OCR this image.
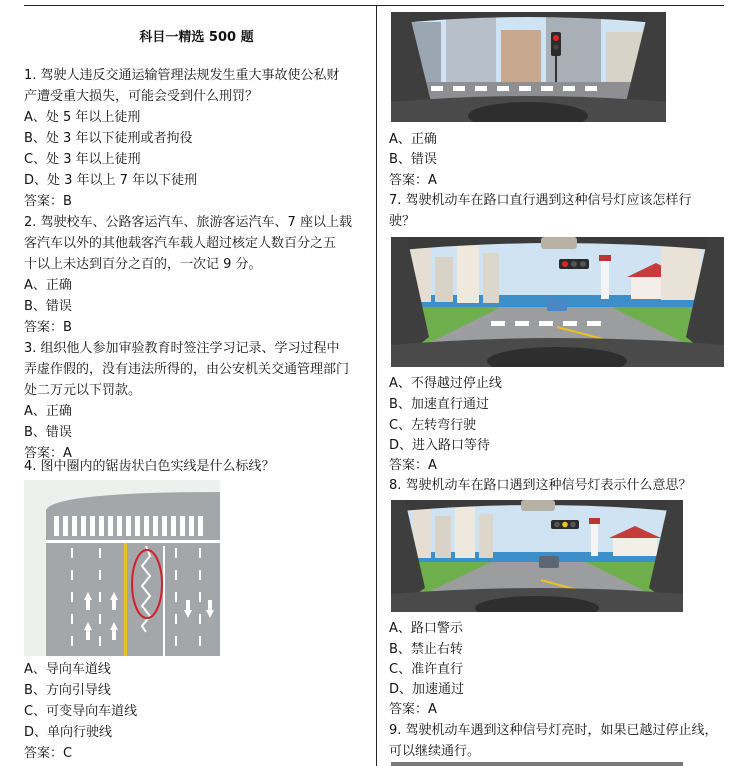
科目一精选 500 题
1. 驾驶人违反交通运输管理法规发生重大事故使公私财
产遭受重大损失，可能会受到什么刑罚？
A、处 5 年以上徒刑
B、处 3 年以下徒刑或者拘役
C、处 3 年以上徒刑
D、处 3 年以上 7 年以下徒刑
答案：B
2. 驾驶校车、公路客运汽车、旅游客运汽车、7 座以上载
客汽车以外的其他载客汽车载人超过核定人数百分之五
十以上未达到百分之百的，一次记 9 分。
A、正确
B、错误
答案：B
3. 组织他人参加审验教育时签注学习记录、学习过程中
弄虚作假的，没有违法所得的，由公安机关交通管理部门
处二万元以下罚款。
A、正确
B、错误
答案：A
4. 图中圈内的锯齿状白色实线是什么标线？
A、导向车道线
B、方向引导线
C、可变导向车道线
D、单向行驶线
答案：C
A、正确
B、错误
答案：A
7. 驾驶机动车在路口直行遇到这种信号灯应该怎样行
驶？
A、不得越过停止线
B、加速直行通过
C、左转弯行驶
D、进入路口等待
答案：A
8. 驾驶机动车在路口遇到这种信号灯表示什么意思？
A、路口警示
B、禁止右转
C、准许直行
D、加速通过
答案：A
9. 驾驶机动车遇到这种信号灯亮时，如果已越过停止线，
可以继续通行。
